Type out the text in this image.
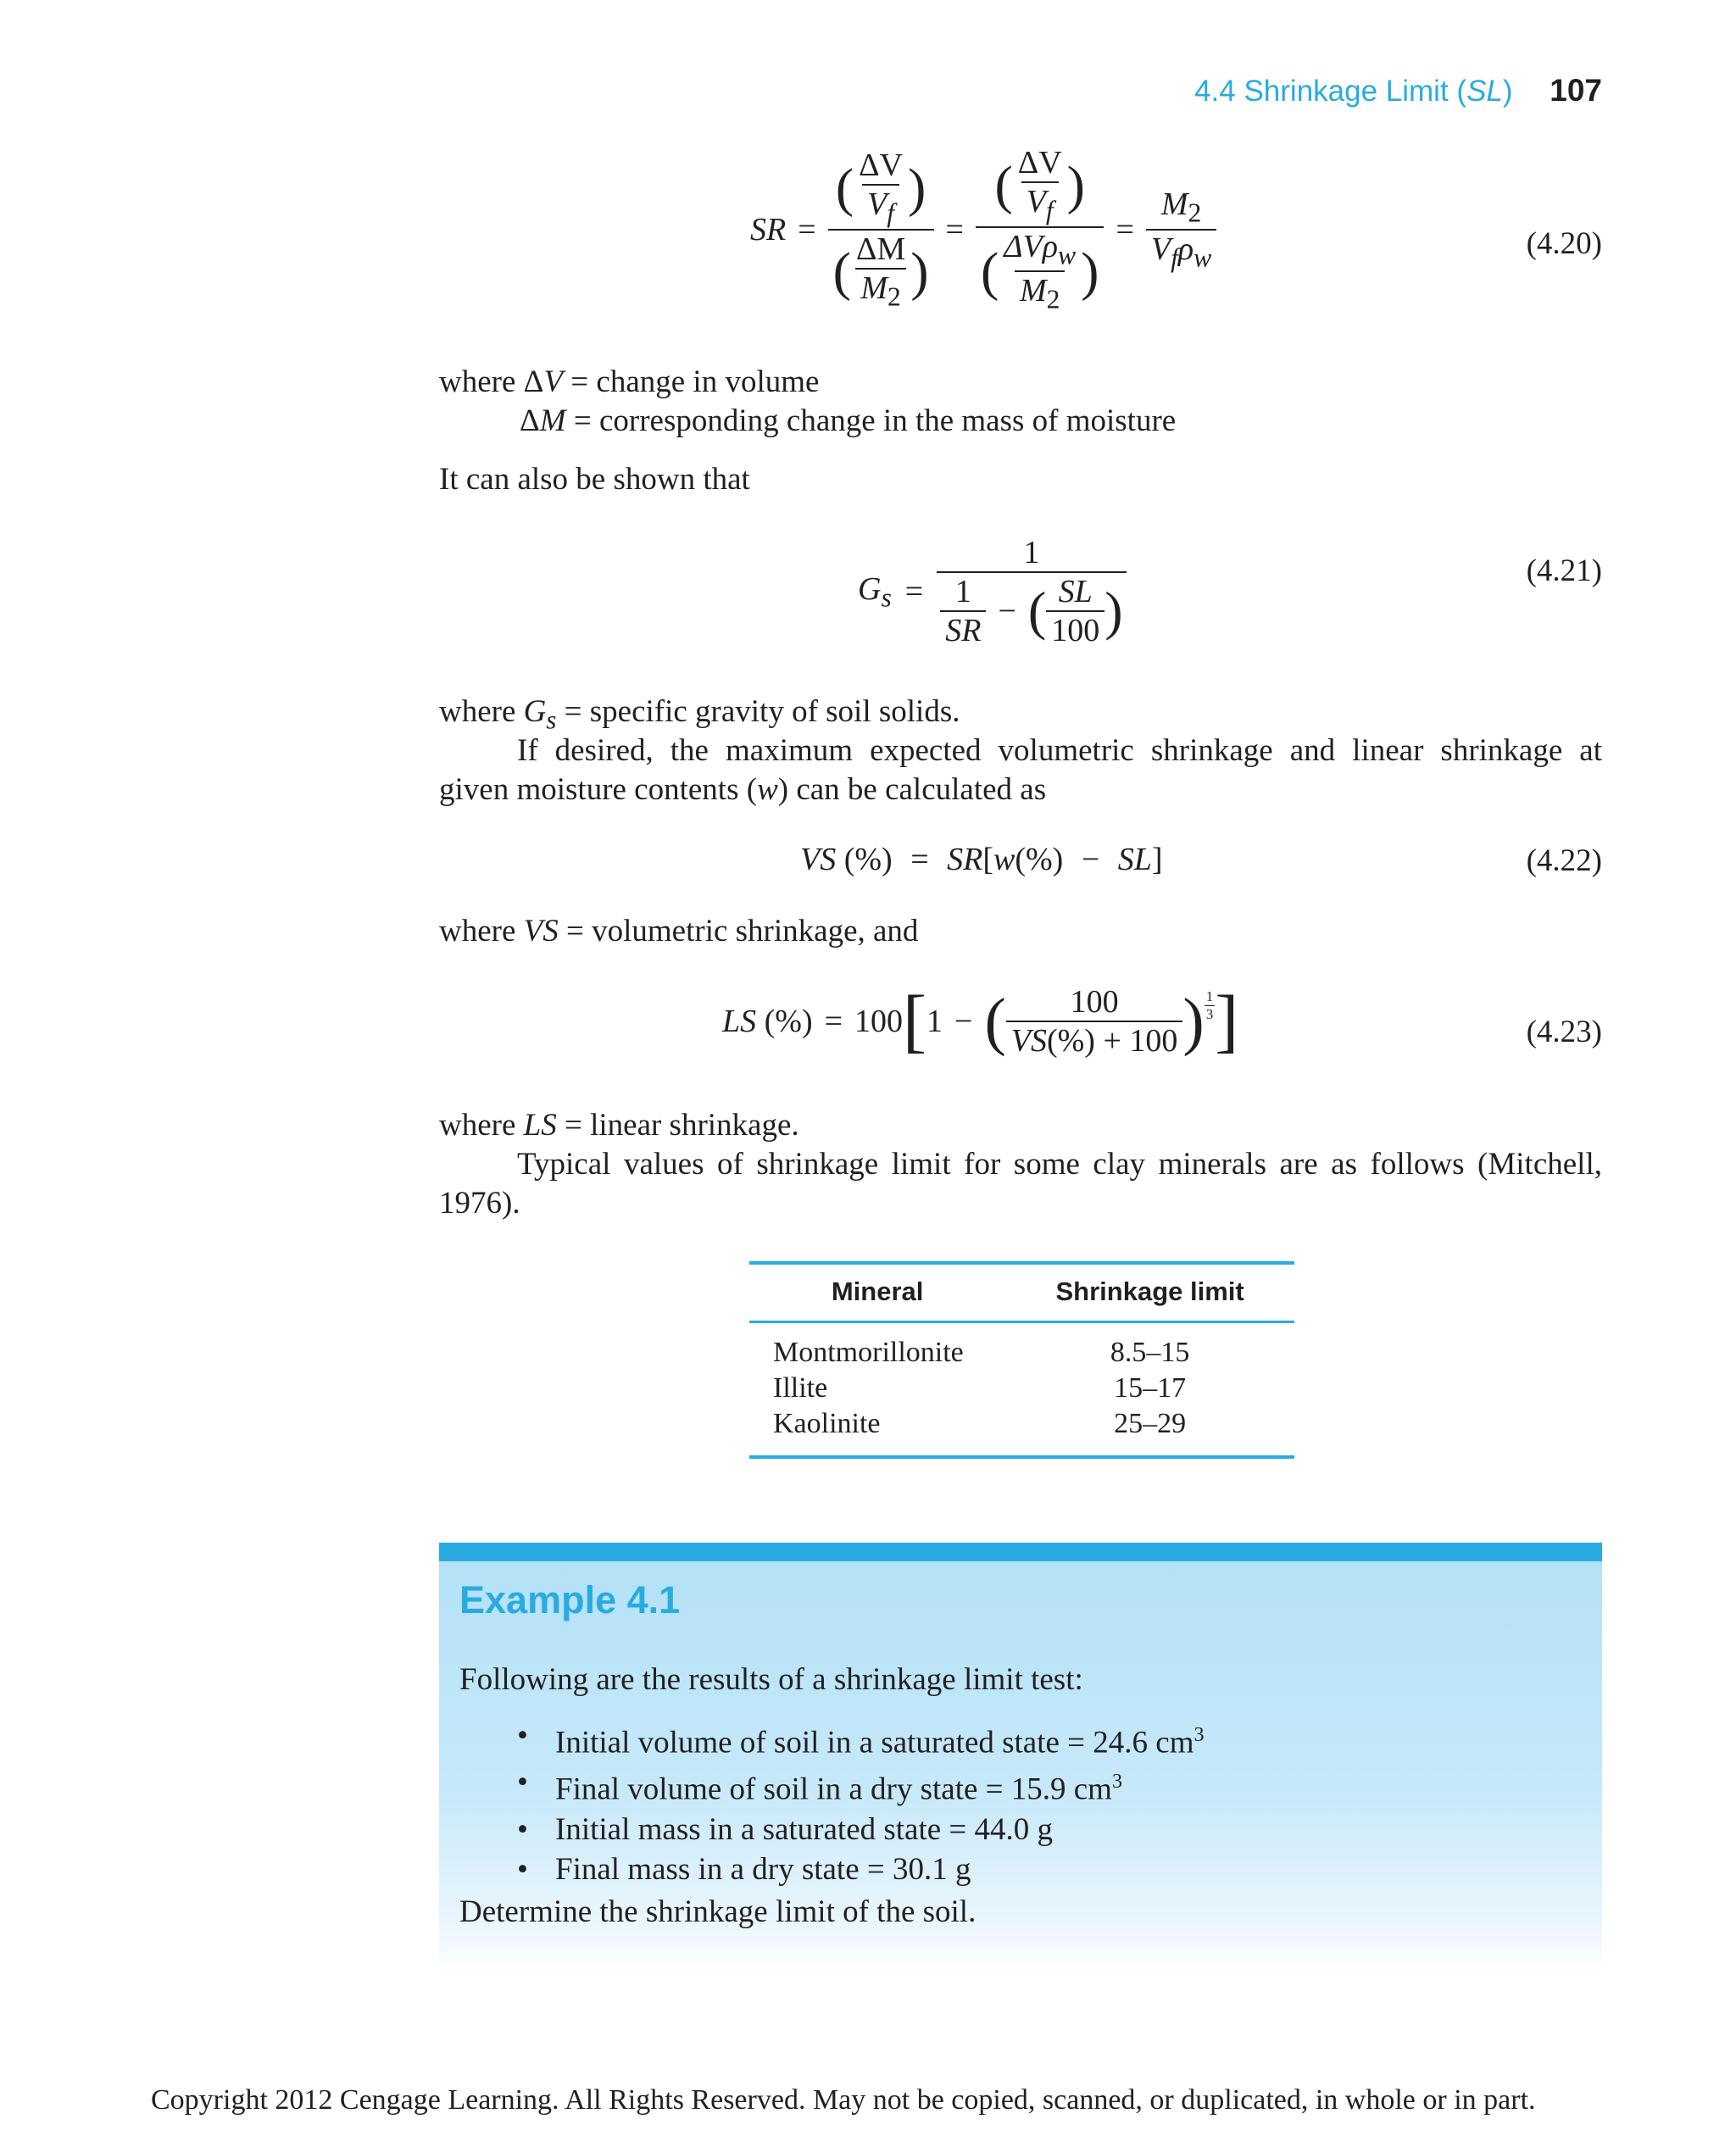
4.4 Shrinkage Limit (SL) 107
SR = $\frac{( \frac{\Delta V}{V_f} )}{( \frac{\Delta M}{M_2} )} = \frac{( \frac{\Delta V}{V_f} )}{( \frac{\Delta V\rho_w}{M_2} )} = \frac{M_2}{V_f\rho_w}$	(4.20)
where ΔV = change in volume
ΔM = corresponding change in the mass of moisture
It can also be shown that
$G_s = \frac{1}{\frac{1}{SR} - ( \frac{SL}{100} )}$	(4.21)
where $G_s$ = specific gravity of soil solids.
If desired, the maximum expected volumetric shrinkage and linear shrinkage at
given moisture contents (w) can be calculated as
VS (%) = SR[w(%) − SL]	(4.22)
where VS = volumetric shrinkage, and
LS
(%) = 100 [ 1 − ( $\frac{100}{VS(\%) + 100}$ ) $\frac{1}{3}$ ]	(4.23)
where LS = linear shrinkage.
Typical values of shrinkage limit for some clay minerals are as follows (Mitchell,
1976).
Mineral	Shrinkage limit
Montmorillonite	8.5–15
Illite	15–17
Kaolinite	25–29
Example 4.1
Following are the results of a shrinkage limit test:
• Initial volume of soil in a saturated state = 24.6 $cm^3$
• Final volume of soil in a dry state = 15.9 $cm^3$
• Initial mass in a saturated state = 44.0 g
• Final mass in a dry state = 30.1 g
Determine the shrinkage limit of the soil.
Copyright 2012 Cengage Learning. All Rights Reserved. May not be copied, scanned, or duplicated, in whole or in part.
